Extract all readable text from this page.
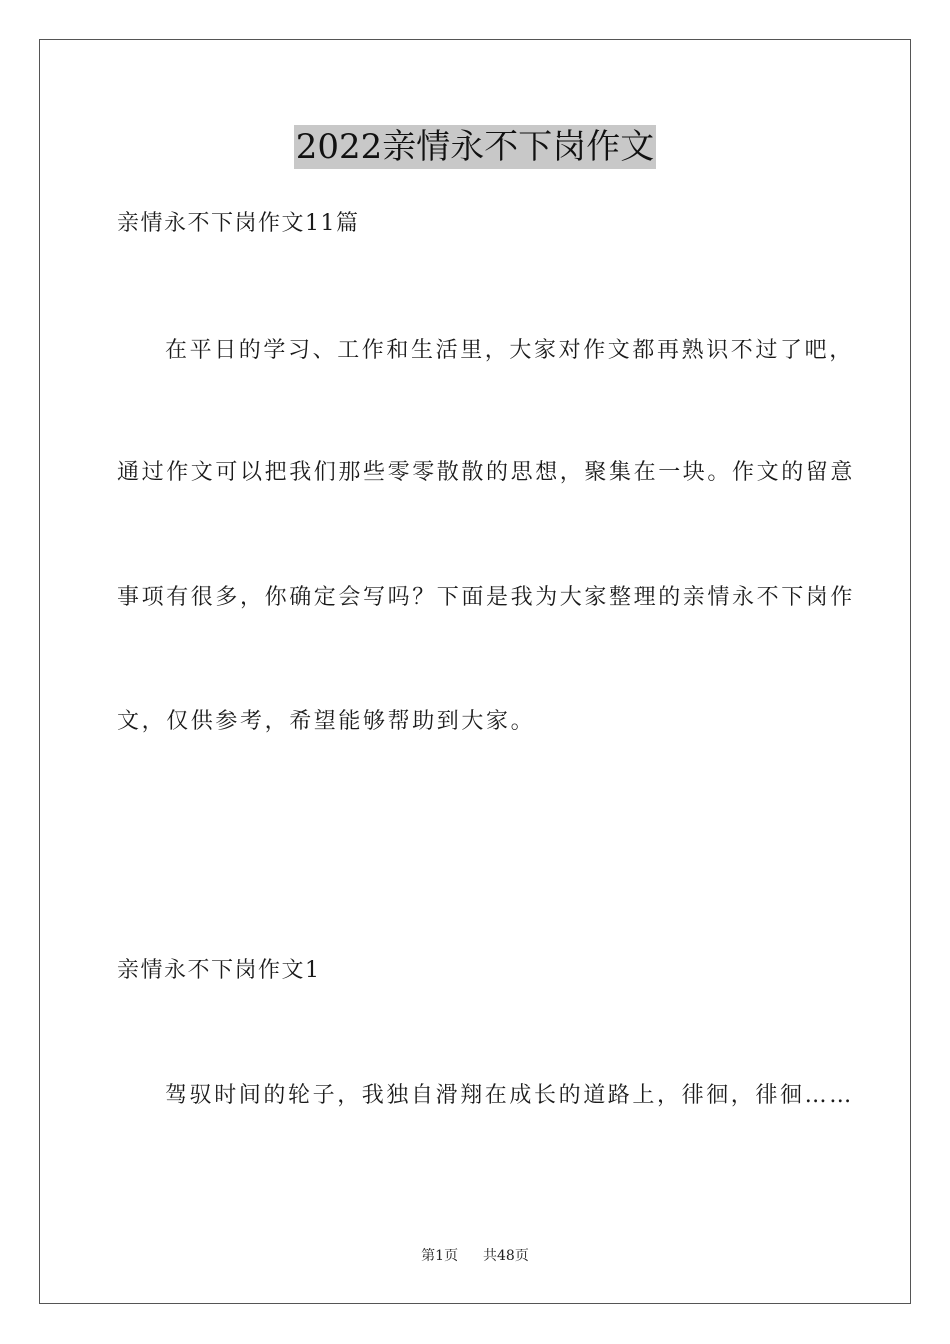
2022亲情永不下岗作文
亲情永不下岗作文11篇
在平日的学习、工作和生活里，大家对作文都再熟识不过了吧，
通过作文可以把我们那些零零散散的思想，聚集在一块。作文的留意
事项有很多，你确定会写吗？下面是我为大家整理的亲情永不下岗作
文，仅供参考，希望能够帮助到大家。
亲情永不下岗作文1
驾驭时间的轮子，我独自滑翔在成长的道路上，徘徊，徘徊……
第1页 共48页
